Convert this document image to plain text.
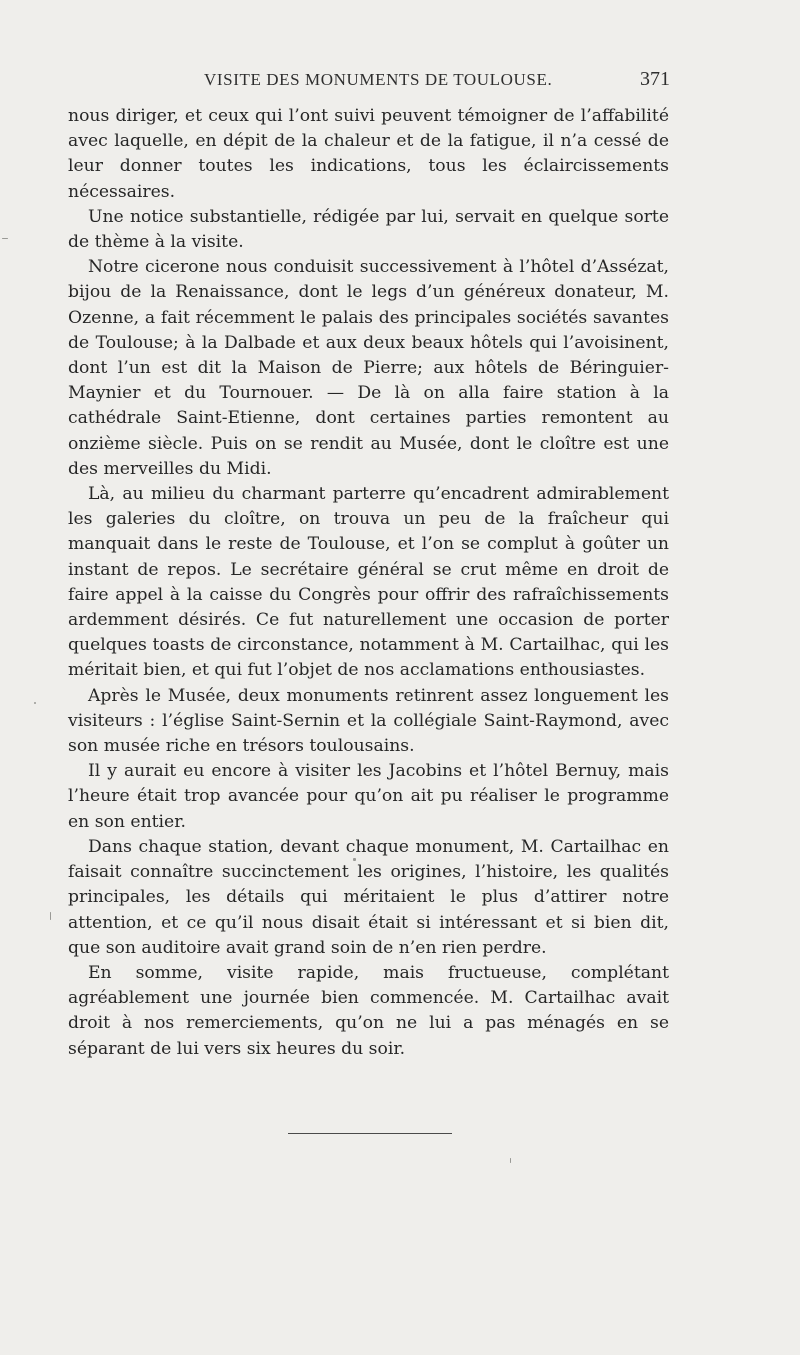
VISITE DES MONUMENTS DE TOULOUSE.	371

nous diriger, et ceux qui l’ont suivi peuvent témoigner de l’affabilité avec laquelle, en dépit de la chaleur et de la fatigue, il n’a cessé de leur donner toutes les indications, tous les éclaircissements nécessaires.

Une notice substantielle, rédigée par lui, servait en quelque sorte de thème à la visite.

Notre cicerone nous conduisit successivement à l’hôtel d’Assézat, bijou de la Renaissance, dont le legs d’un généreux donateur, M. Ozenne, a fait récemment le palais des principales sociétés savantes de Toulouse; à la Dalbade et aux deux beaux hôtels qui l’avoisinent, dont l’un est dit la Maison de Pierre; aux hôtels de Béringuier-Maynier et du Tournouer. — De là on alla faire station à la cathédrale Saint-Etienne, dont certaines parties remontent au onzième siècle. Puis on se rendit au Musée, dont le cloître est une des merveilles du Midi.

Là, au milieu du charmant parterre qu’encadrent admirablement les galeries du cloître, on trouva un peu de la fraîcheur qui manquait dans le reste de Toulouse, et l’on se complut à goûter un instant de repos. Le secrétaire général se crut même en droit de faire appel à la caisse du Congrès pour offrir des rafraîchissements ardemment désirés. Ce fut naturellement une occasion de porter quelques toasts de circonstance, notamment à M. Cartailhac, qui les méritait bien, et qui fut l’objet de nos acclamations enthousiastes.

Après le Musée, deux monuments retinrent assez longuement les visiteurs : l’église Saint-Sernin et la collégiale Saint-Raymond, avec son musée riche en trésors toulousains.

Il y aurait eu encore à visiter les Jacobins et l’hôtel Bernuy, mais l’heure était trop avancée pour qu’on ait pu réaliser le programme en son entier.

Dans chaque station, devant chaque monument, M. Cartailhac en faisait connaître succinctement les origines, l’histoire, les qualités principales, les détails qui méritaient le plus d’attirer notre attention, et ce qu’il nous disait était si intéressant et si bien dit, que son auditoire avait grand soin de n’en rien perdre.

En somme, visite rapide, mais fructueuse, complétant agréablement une journée bien commencée. M. Cartailhac avait droit à nos remerciements, qu’on ne lui a pas ménagés en se séparant de lui vers six heures du soir.
